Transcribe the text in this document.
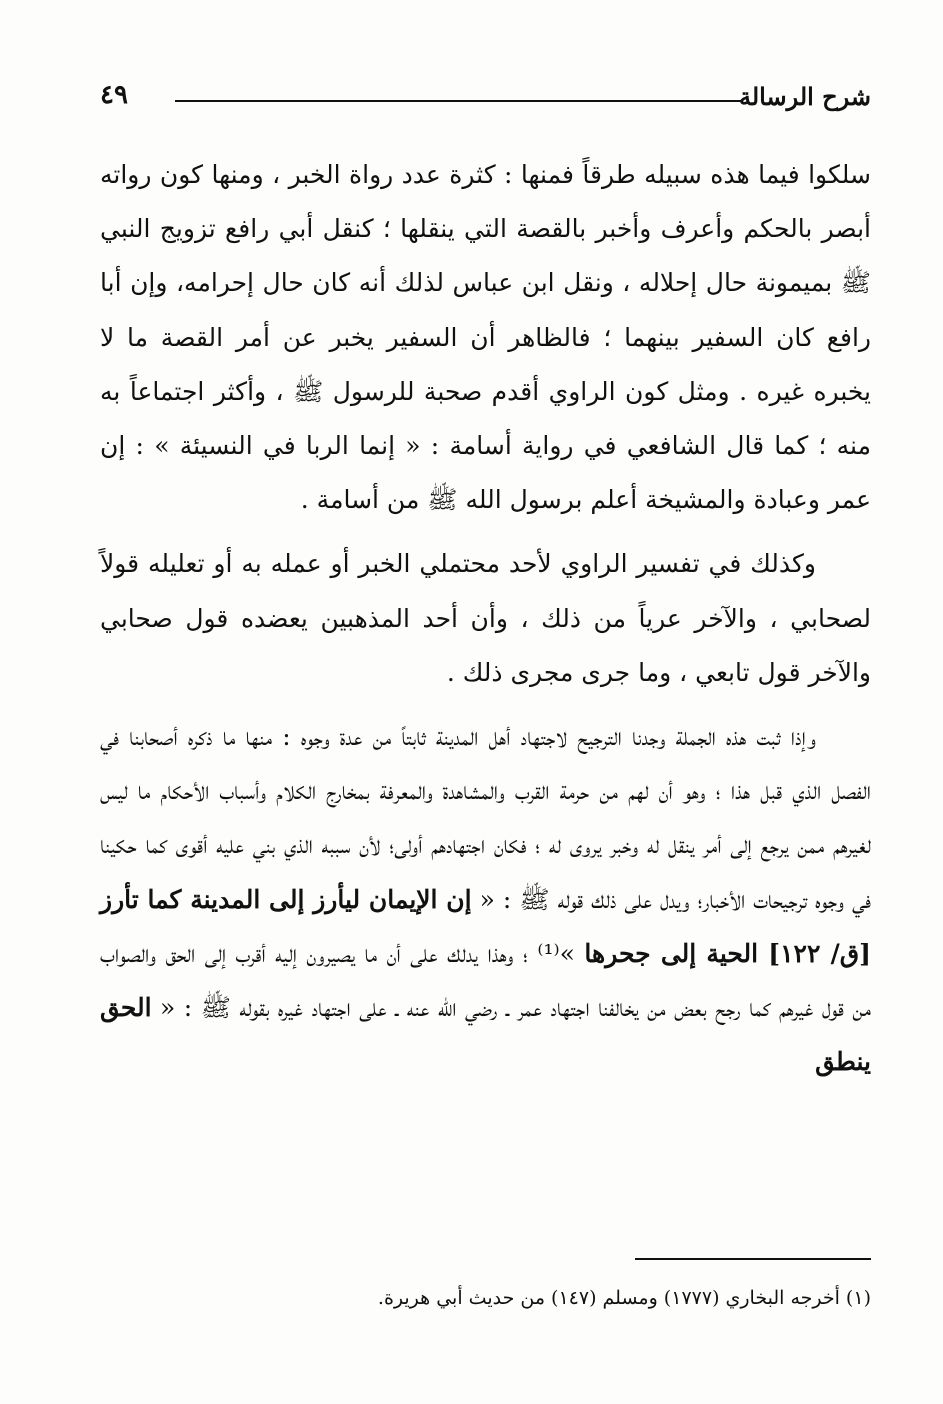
شرح الرسالة
٤٩

سلكوا فيما هذه سبيله طرقاً فمنها : كثرة عدد رواة الخبر ، ومنها كون رواته أبصر بالحكم وأعرف وأخبر بالقصة التي ينقلها ؛ كنقل أبي رافع تزويج النبي ﷺ بميمونة حال إحلاله ، ونقل ابن عباس لذلك أنه كان حال إحرامه، وإن أبا رافع كان السفير بينهما ؛ فالظاهر أن السفير يخبر عن أمر القصة ما لا يخبره غيره . ومثل كون الراوي أقدم صحبة للرسول ﷺ ، وأكثر اجتماعاً به منه ؛ كما قال الشافعي في رواية أسامة : « إنما الربا في النسيئة » : إن عمر وعبادة والمشيخة أعلم برسول الله ﷺ من أسامة .

وكذلك في تفسير الراوي لأحد محتملي الخبر أو عمله به أو تعليله قولاً لصحابي ، والآخر عرياً من ذلك ، وأن أحد المذهبين يعضده قول صحابي والآخر قول تابعي ، وما جرى مجرى ذلك .

وإذا ثبت هذه الجملة وجدنا الترجيح لاجتهاد أهل المدينة ثابتاً من عدة وجوه : منها ما ذكره أصحابنا في الفصل الذي قبل هذا ؛ وهو أن لهم من حرمة القرب والمشاهدة والمعرفة بمخارج الكلام وأسباب الأحكام ما ليس لغيرهم ممن يرجع إلى أمر ينقل له وخبر يروى له ؛ فكان اجتهادهم أولى؛ لأن سببه الذي بني عليه أقوى كما حكينا في وجوه ترجيحات الأخبار؛ ويدل على ذلك قوله ﷺ : « إن الإيمان ليأرز إلى المدينة كما تأرز [ق/ ١٢٢] الحية إلى جحرها »⁽¹⁾ ؛ وهذا يدلك على أن ما يصيرون إليه أقرب إلى الحق والصواب من قول غيرهم كما رجح بعض من يخالفنا اجتهاد عمر ـ رضي الله عنه ـ على اجتهاد غيره بقوله ﷺ : « الحق ينطق

(١) أخرجه البخاري (١٧٧٧) ومسلم (١٤٧) من حديث أبي هريرة.
